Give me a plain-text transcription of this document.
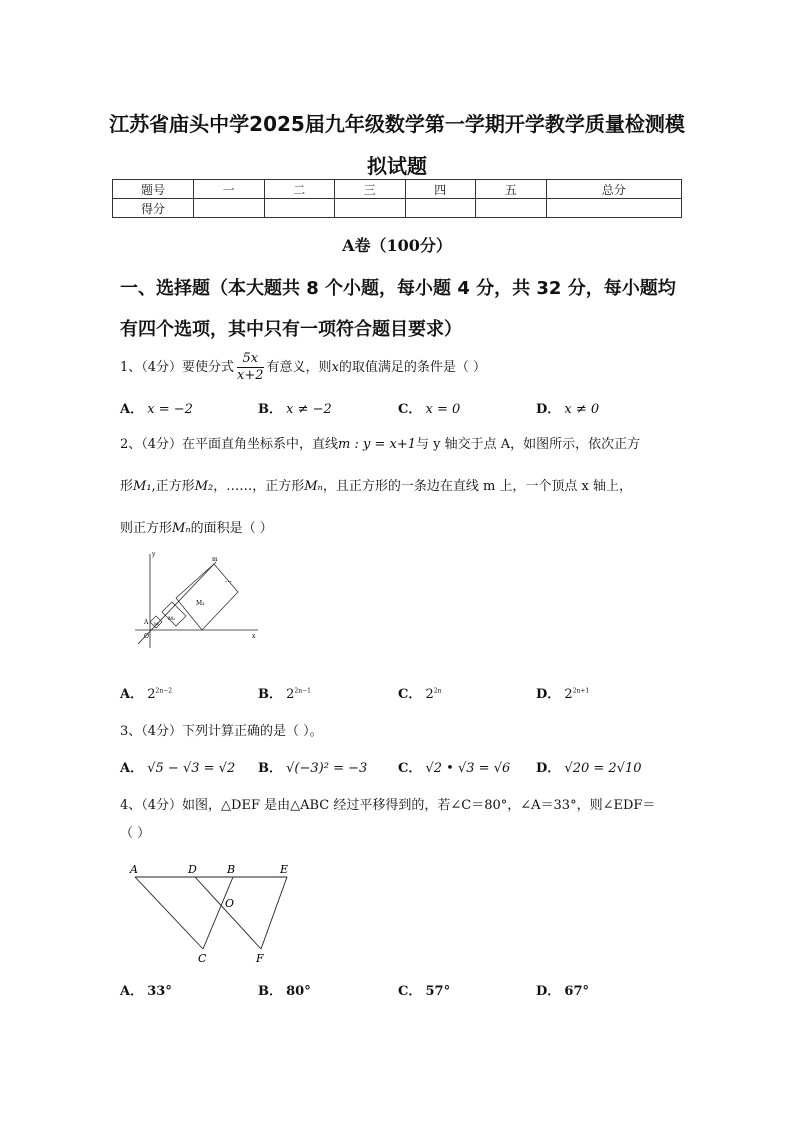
江苏省庙头中学2025届九年级数学第一学期开学教学质量检测模
拟试题
题号	一	二	三	四	五	总分
得分						
A卷（100分）
一、选择题（本大题共 8 个小题，每小题 4 分，共 32 分，每小题均
有四个选项，其中只有一项符合题目要求）
1、（4分）要使分式 $\frac{5x}{x+2}$ 有意义，则x的取值满足的条件是（ ）
A． x = −2	B． x ≠ −2	C． x = 0	D． x ≠ 0
2、（4分）在平面直角坐标系中，直线m : y = x+1与 y 轴交于点 A，如图所示，依次正方
形M₁,正方形M₂，……，正方形Mₙ，且正方形的一条边在直线 m 上，一个顶点 x 轴上，
则正方形Mₙ的面积是（ ）
y
m
…
M₃
M₂
M₁
A
O	x
A． $2^{2n-2}$	B． $2^{2n-1}$	C． $2^{2n}$	D． $2^{2n+1}$
3、（4分）下列计算正确的是（ ）。
A． √5 − √3 = √2 B． √(−3)² = −3 C． √2 • √3 = √6 D． √20 = 2√10
4、（4分）如图，△DEF 是由△ABC 经过平移得到的，若∠C＝80°，∠A＝33°，则∠EDF＝
（ ）
A	D	B	E
O
C	F
A． 33°	B． 80°	C． 57°	D． 67°
